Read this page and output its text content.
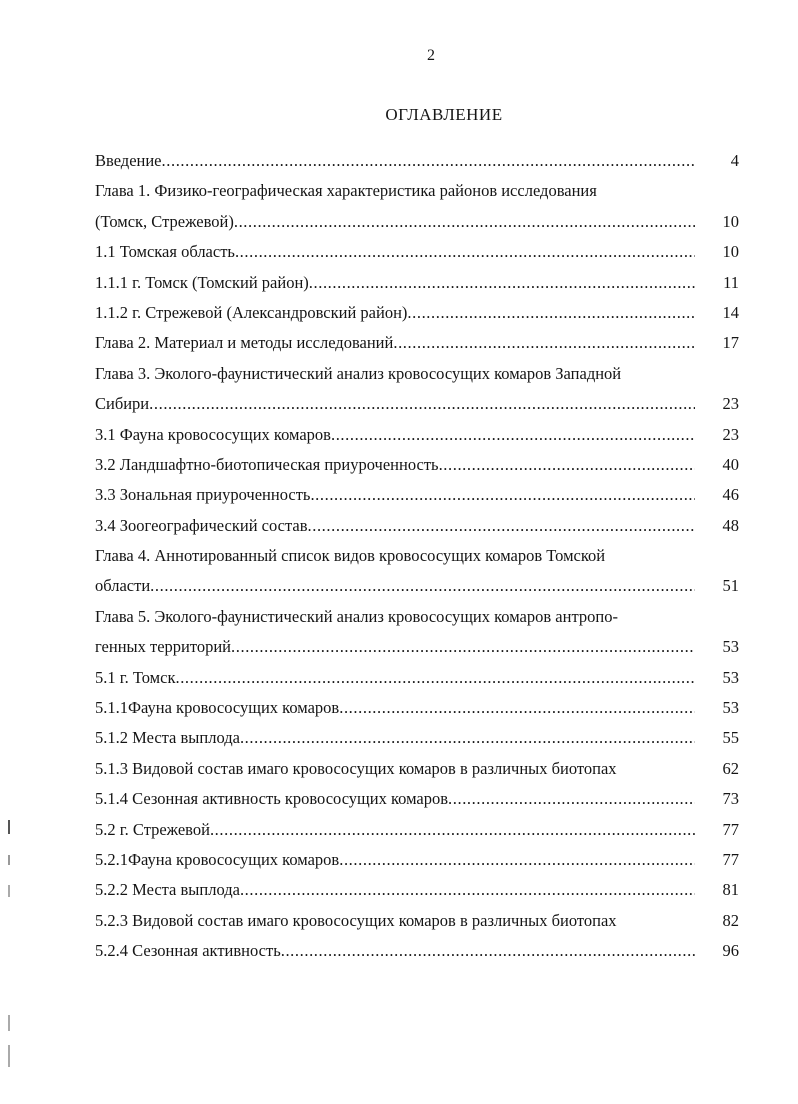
2
ОГЛАВЛЕНИЕ
Введение .....	4
Глава 1. Физико-географическая характеристика районов исследования
(Томск, Стрежевой) .....	10
1.1 Томская область .....	10
1.1.1 г. Томск (Томский район) .....	11
1.1.2 г. Стрежевой (Александровский район) .....	14
Глава 2. Материал и методы исследований .....	17
Глава 3. Эколого-фаунистический анализ кровососущих комаров Западной
Сибири .....	23
3.1 Фауна кровососущих комаров .....	23
3.2 Ландшафтно-биотопическая приуроченность .....	40
3.3 Зональная приуроченность .....	46
3.4 Зоогеографический состав .....	48
Глава 4. Аннотированный список видов кровососущих комаров Томской
области .....	51
Глава 5. Эколого-фаунистический анализ кровососущих комаров антропо-
генных территорий .....	53
5.1 г. Томск .....	53
5.1.1Фауна кровососущих комаров .....	53
5.1.2 Места выплода .....	55
5.1.3 Видовой состав имаго кровососущих комаров в различных биотопах	62
5.1.4 Сезонная активность кровососущих комаров .....	73
5.2 г. Стрежевой .....	77
5.2.1Фауна кровососущих комаров .....	77
5.2.2 Места выплода .....	81
5.2.3 Видовой состав имаго кровососущих комаров в различных биотопах	82
5.2.4 Сезонная активность .....	96
